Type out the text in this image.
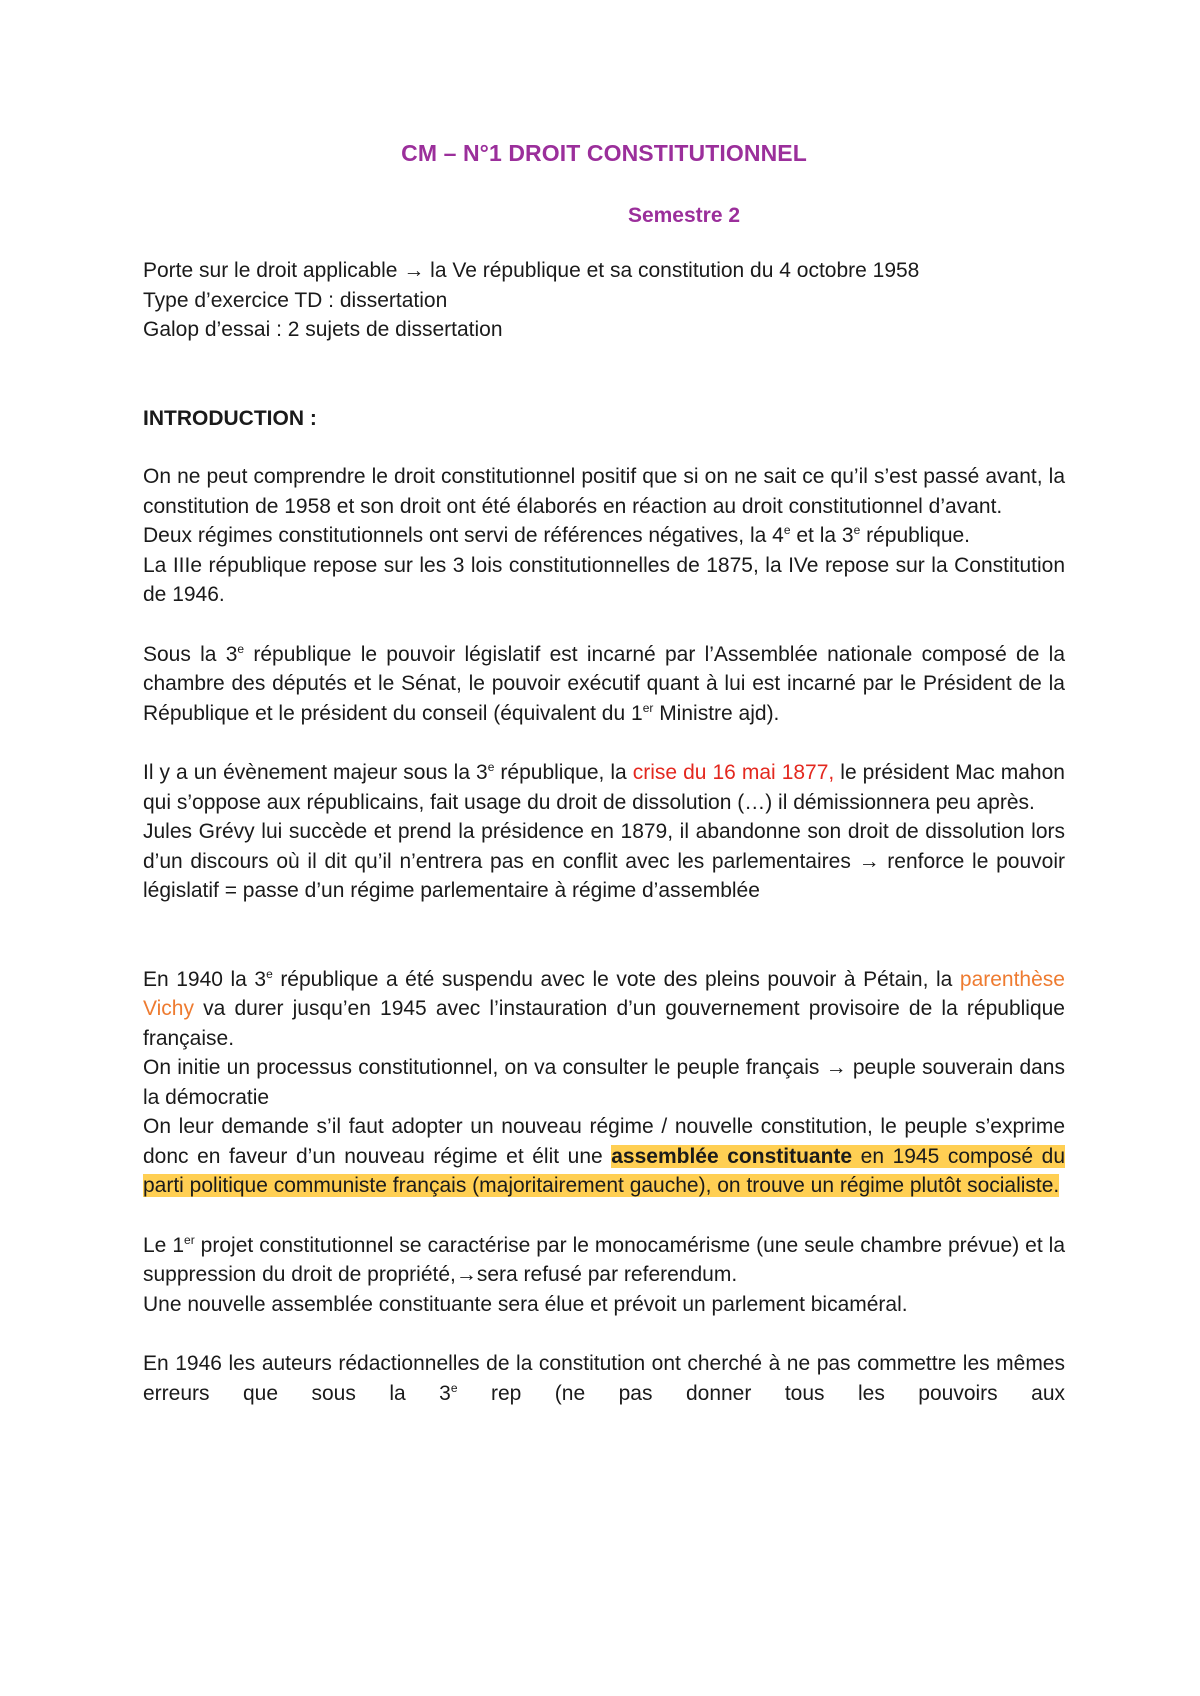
CM – N°1 DROIT CONSTITUTIONNEL
Semestre 2

Porte sur le droit applicable → la Ve république et sa constitution du 4 octobre 1958

Type d’exercice TD : dissertation

Galop d’essai : 2 sujets de dissertation

INTRODUCTION :

On ne peut comprendre le droit constitutionnel positif que si on ne sait ce qu’il s’est passé avant, la constitution de 1958 et son droit ont été élaborés en réaction au droit constitutionnel d’avant.

Deux régimes constitutionnels ont servi de références négatives, la 4e et la 3e république.

La IIIe république repose sur les 3 lois constitutionnelles de 1875, la IVe repose sur la Constitution de 1946.

Sous la 3e république le pouvoir législatif est incarné par l’Assemblée nationale composé de la chambre des députés et le Sénat, le pouvoir exécutif quant à lui est incarné par le Président de la République et le président du conseil (équivalent du 1er Ministre ajd).

Il y a un évènement majeur sous la 3e république, la crise du 16 mai 1877, le président Mac mahon qui s’oppose aux républicains, fait usage du droit de dissolution (…) il démissionnera peu après.

Jules Grévy lui succède et prend la présidence en 1879, il abandonne son droit de dissolution lors d’un discours où il dit qu’il n’entrera pas en conflit avec les parlementaires → renforce le pouvoir législatif = passe d’un régime parlementaire à régime d’assemblée

En 1940 la 3e république a été suspendu avec le vote des pleins pouvoir à Pétain, la parenthèse Vichy va durer jusqu’en 1945 avec l’instauration d’un gouvernement provisoire de la république française.

On initie un processus constitutionnel, on va consulter le peuple français → peuple souverain dans la démocratie

On leur demande s’il faut adopter un nouveau régime / nouvelle constitution, le peuple s’exprime donc en faveur d’un nouveau régime et élit une assemblée constituante en 1945 composé du parti politique communiste français (majoritairement gauche), on trouve un régime plutôt socialiste.

Le 1er projet constitutionnel se caractérise par le monocamérisme (une seule chambre prévue) et la suppression du droit de propriété,→sera refusé par referendum.

Une nouvelle assemblée constituante sera élue et prévoit un parlement bicaméral.

En 1946 les auteurs rédactionnelles de la constitution ont cherché à ne pas commettre les mêmes erreurs que sous la 3e rep (ne pas donner tous les pouvoirs aux
